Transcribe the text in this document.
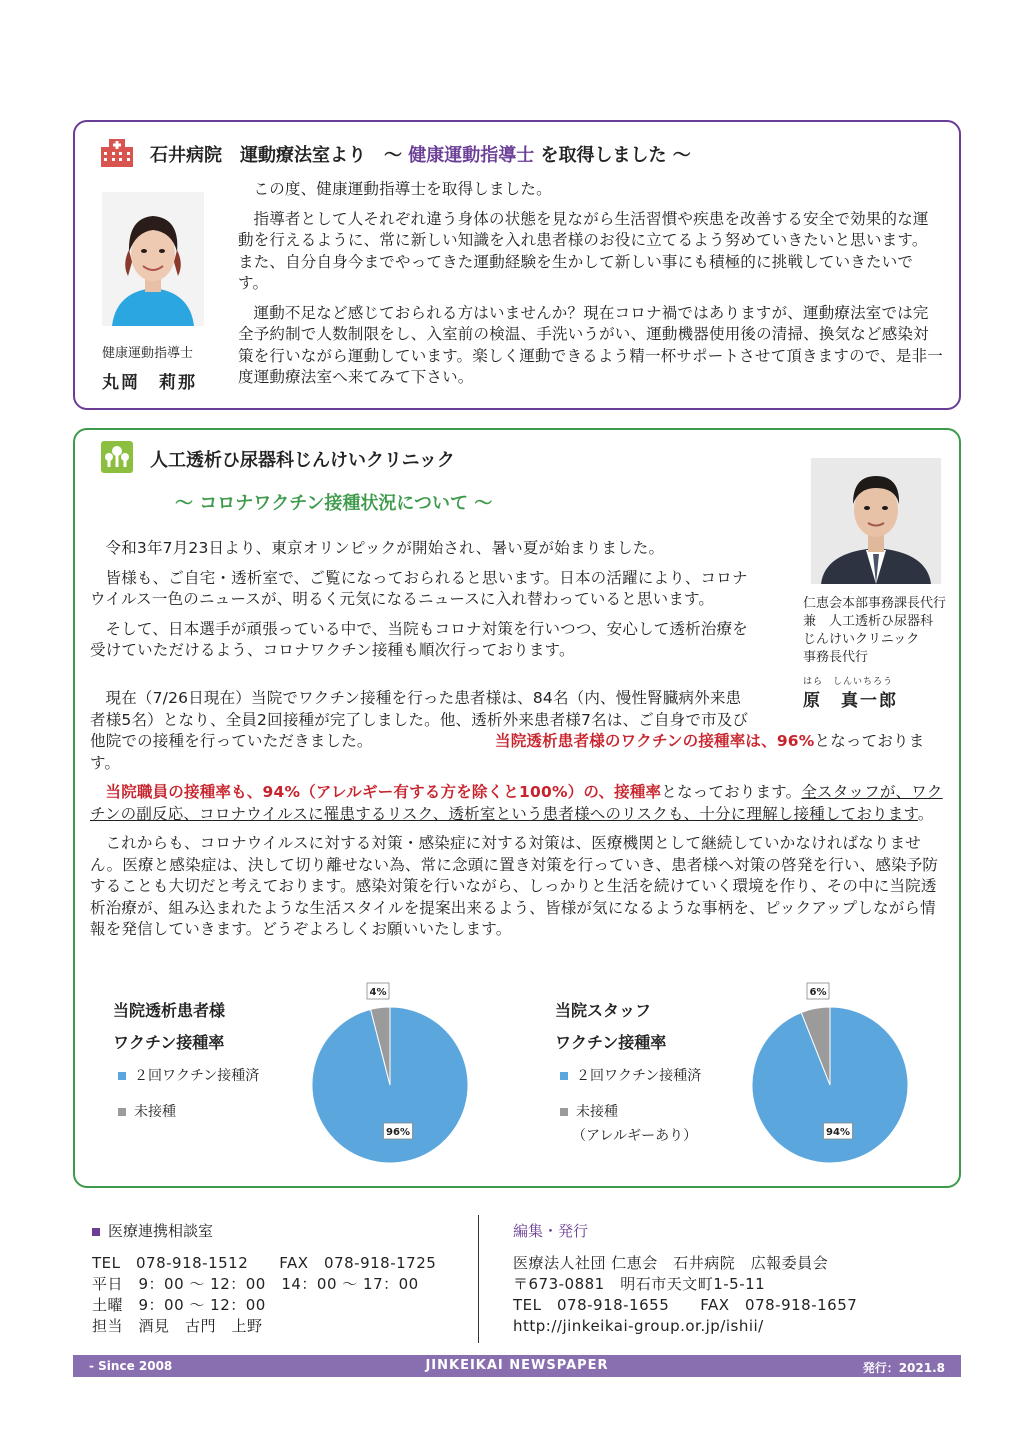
石井病院　運動療法室より　～ 健康運動指導士 を取得しました ～
健康運動指導士
丸岡　莉那

この度、健康運動指導士を取得しました。

指導者として人それぞれ違う身体の状態を見ながら生活習慣や疾患を改善する安全で効果的な運動を行えるように、常に新しい知識を入れ患者様のお役に立てるよう努めていきたいと思います。また、自分自身今までやってきた運動経験を生かして新しい事にも積極的に挑戦していきたいです。

運動不足など感じておられる方はいませんか？現在コロナ禍ではありますが、運動療法室では完全予約制で人数制限をし、入室前の検温、手洗いうがい、運動機器使用後の清掃、換気など感染対策を行いながら運動しています。楽しく運動できるよう精一杯サポートさせて頂きますので、是非一度運動療法室へ来てみて下さい。

人工透析ひ尿器科じんけいクリニック
～ コロナワクチン接種状況について ～
仁恵会本部事務課長代行
兼　人工透析ひ尿器科
じんけいクリニック
事務長代行
はら　しんいちろう
原　真一郎

令和3年7月23日より、東京オリンピックが開始され、暑い夏が始まりました。

皆様も、ご自宅・透析室で、ご覧になっておられると思います。日本の活躍により、コロナウイルス一色のニュースが、明るく元気になるニュースに入れ替わっていると思います。

そして、日本選手が頑張っている中で、当院もコロナ対策を行いつつ、安心して透析治療を受けていただけるよう、コロナワクチン接種も順次行っております。

現在（7/26日現在）当院でワクチン接種を行った患者様は、84名（内、慢性腎臓病外来患者様5名）となり、全員2回接種が完了しました。他、透析外来患者様7名は、ご自身で市及び他院での接種を行っていただきました。	当院透析患者様のワクチンの接種率は、96%となっております。

当院職員の接種率も、94%（アレルギー有する方を除くと100%）の、接種率となっております。全スタッフが、ワクチンの副反応、コロナウイルスに罹患するリスク、透析室という患者様へのリスクも、十分に理解し接種しております。

これからも、コロナウイルスに対する対策・感染症に対する対策は、医療機関として継続していかなければなりません。医療と感染症は、決して切り離せない為、常に念頭に置き対策を行っていき、患者様へ対策の啓発を行い、感染予防することも大切だと考えております。感染対策を行いながら、しっかりと生活を続けていく環境を作り、その中に当院透析治療が、組み込まれたような生活スタイルを提案出来るよう、皆様が気になるような事柄を、ピックアップしながら情報を発信していきます。どうぞよろしくお願いいたします。

当院透析患者様
ワクチン接種率
２回ワクチン接種済
未接種
4%
96%
当院スタッフ
ワクチン接種率
２回ワクチン接種済
未接種
（アレルギーあり）
6%
94%
医療連携相談室
TEL　078-918-1512　　FAX　078-918-1725
平日　9：00 ～ 12：00　14：00 ～ 17：00
土曜　9：00 ～ 12：00
担当　酒見　古門　上野
編集・発行
医療法人社団 仁恵会　石井病院　広報委員会
〒673-0881　明石市天文町1-5-11
TEL　078-918-1655　　FAX　078-918-1657
http://jinkeikai-group.or.jp/ishii/
- Since 2008	JINKEIKAI NEWSPAPER	発行：2021.8
